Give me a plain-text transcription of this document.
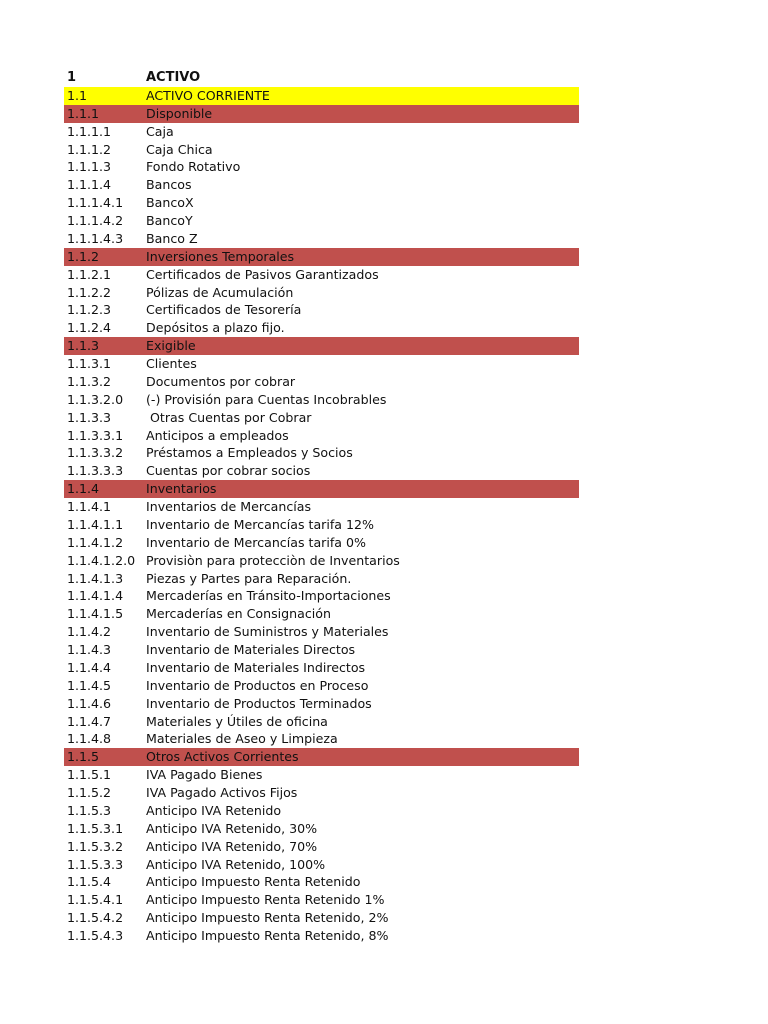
1	ACTIVO
1.1	ACTIVO CORRIENTE
1.1.1	Disponible
1.1.1.1	Caja
1.1.1.2	Caja Chica
1.1.1.3	Fondo Rotativo
1.1.1.4	Bancos
1.1.1.4.1	BancoX
1.1.1.4.2	BancoY
1.1.1.4.3	Banco Z
1.1.2	Inversiones Temporales
1.1.2.1	Certificados de Pasivos Garantizados
1.1.2.2	Pólizas de Acumulación
1.1.2.3	Certificados de Tesorería
1.1.2.4	Depósitos a plazo fijo.
1.1.3	Exigible
1.1.3.1	Clientes
1.1.3.2	Documentos por cobrar
1.1.3.2.0	(-) Provisión para Cuentas Incobrables
1.1.3.3	Otras Cuentas por Cobrar
1.1.3.3.1	Anticipos a empleados
1.1.3.3.2	Préstamos a Empleados y Socios
1.1.3.3.3	Cuentas por cobrar socios
1.1.4	Inventarios
1.1.4.1	Inventarios de Mercancías
1.1.4.1.1	Inventario de Mercancías tarifa 12%
1.1.4.1.2	Inventario de Mercancías tarifa 0%
1.1.4.1.2.0 Provisiòn para protecciòn de Inventarios
1.1.4.1.3	Piezas y Partes para Reparación.
1.1.4.1.4	Mercaderías en Tránsito-Importaciones
1.1.4.1.5	Mercaderías en Consignación
1.1.4.2	Inventario de Suministros y Materiales
1.1.4.3	Inventario de Materiales Directos
1.1.4.4	Inventario de Materiales Indirectos
1.1.4.5	Inventario de Productos en Proceso
1.1.4.6	Inventario de Productos Terminados
1.1.4.7	Materiales y Útiles de oficina
1.1.4.8	Materiales de Aseo y Limpieza
1.1.5	Otros Activos Corrientes
1.1.5.1	IVA Pagado Bienes
1.1.5.2	IVA Pagado Activos Fijos
1.1.5.3	Anticipo IVA Retenido
1.1.5.3.1	Anticipo IVA Retenido, 30%
1.1.5.3.2	Anticipo IVA Retenido, 70%
1.1.5.3.3	Anticipo IVA Retenido, 100%
1.1.5.4	Anticipo Impuesto Renta Retenido
1.1.5.4.1	Anticipo Impuesto Renta Retenido 1%
1.1.5.4.2	Anticipo Impuesto Renta Retenido, 2%
1.1.5.4.3	Anticipo Impuesto Renta Retenido, 8%
